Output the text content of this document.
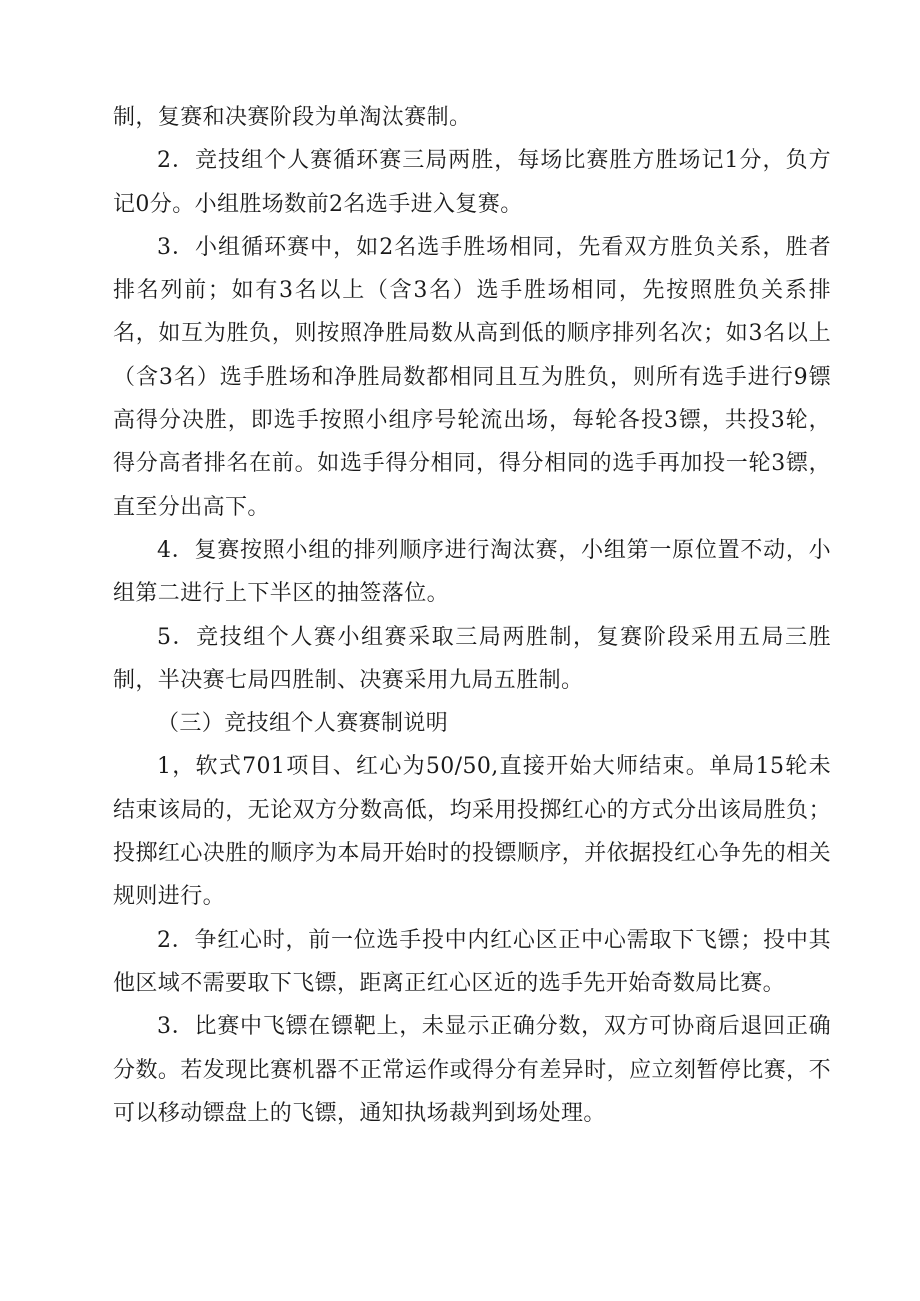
制，复赛和决赛阶段为单淘汰赛制。

2．竞技组个人赛循环赛三局两胜，每场比赛胜方胜场记1分，负方记0分。小组胜场数前2名选手进入复赛。

3．小组循环赛中，如2名选手胜场相同，先看双方胜负关系，胜者排名列前；如有3名以上（含3名）选手胜场相同，先按照胜负关系排名，如互为胜负，则按照净胜局数从高到低的顺序排列名次；如3名以上（含3名）选手胜场和净胜局数都相同且互为胜负，则所有选手进行9镖高得分决胜，即选手按照小组序号轮流出场，每轮各投3镖，共投3轮，得分高者排名在前。如选手得分相同，得分相同的选手再加投一轮3镖，直至分出高下。

4．复赛按照小组的排列顺序进行淘汰赛，小组第一原位置不动，小组第二进行上下半区的抽签落位。

5．竞技组个人赛小组赛采取三局两胜制，复赛阶段采用五局三胜制，半决赛七局四胜制、决赛采用九局五胜制。

（三）竞技组个人赛赛制说明

1，软式701项目、红心为50/50,直接开始大师结束。单局15轮未结束该局的，无论双方分数高低，均采用投掷红心的方式分出该局胜负；投掷红心决胜的顺序为本局开始时的投镖顺序，并依据投红心争先的相关规则进行。

2．争红心时，前一位选手投中内红心区正中心需取下飞镖；投中其他区域不需要取下飞镖，距离正红心区近的选手先开始奇数局比赛。

3．比赛中飞镖在镖靶上，未显示正确分数，双方可协商后退回正确分数。若发现比赛机器不正常运作或得分有差异时，应立刻暂停比赛，不可以移动镖盘上的飞镖，通知执场裁判到场处理。
